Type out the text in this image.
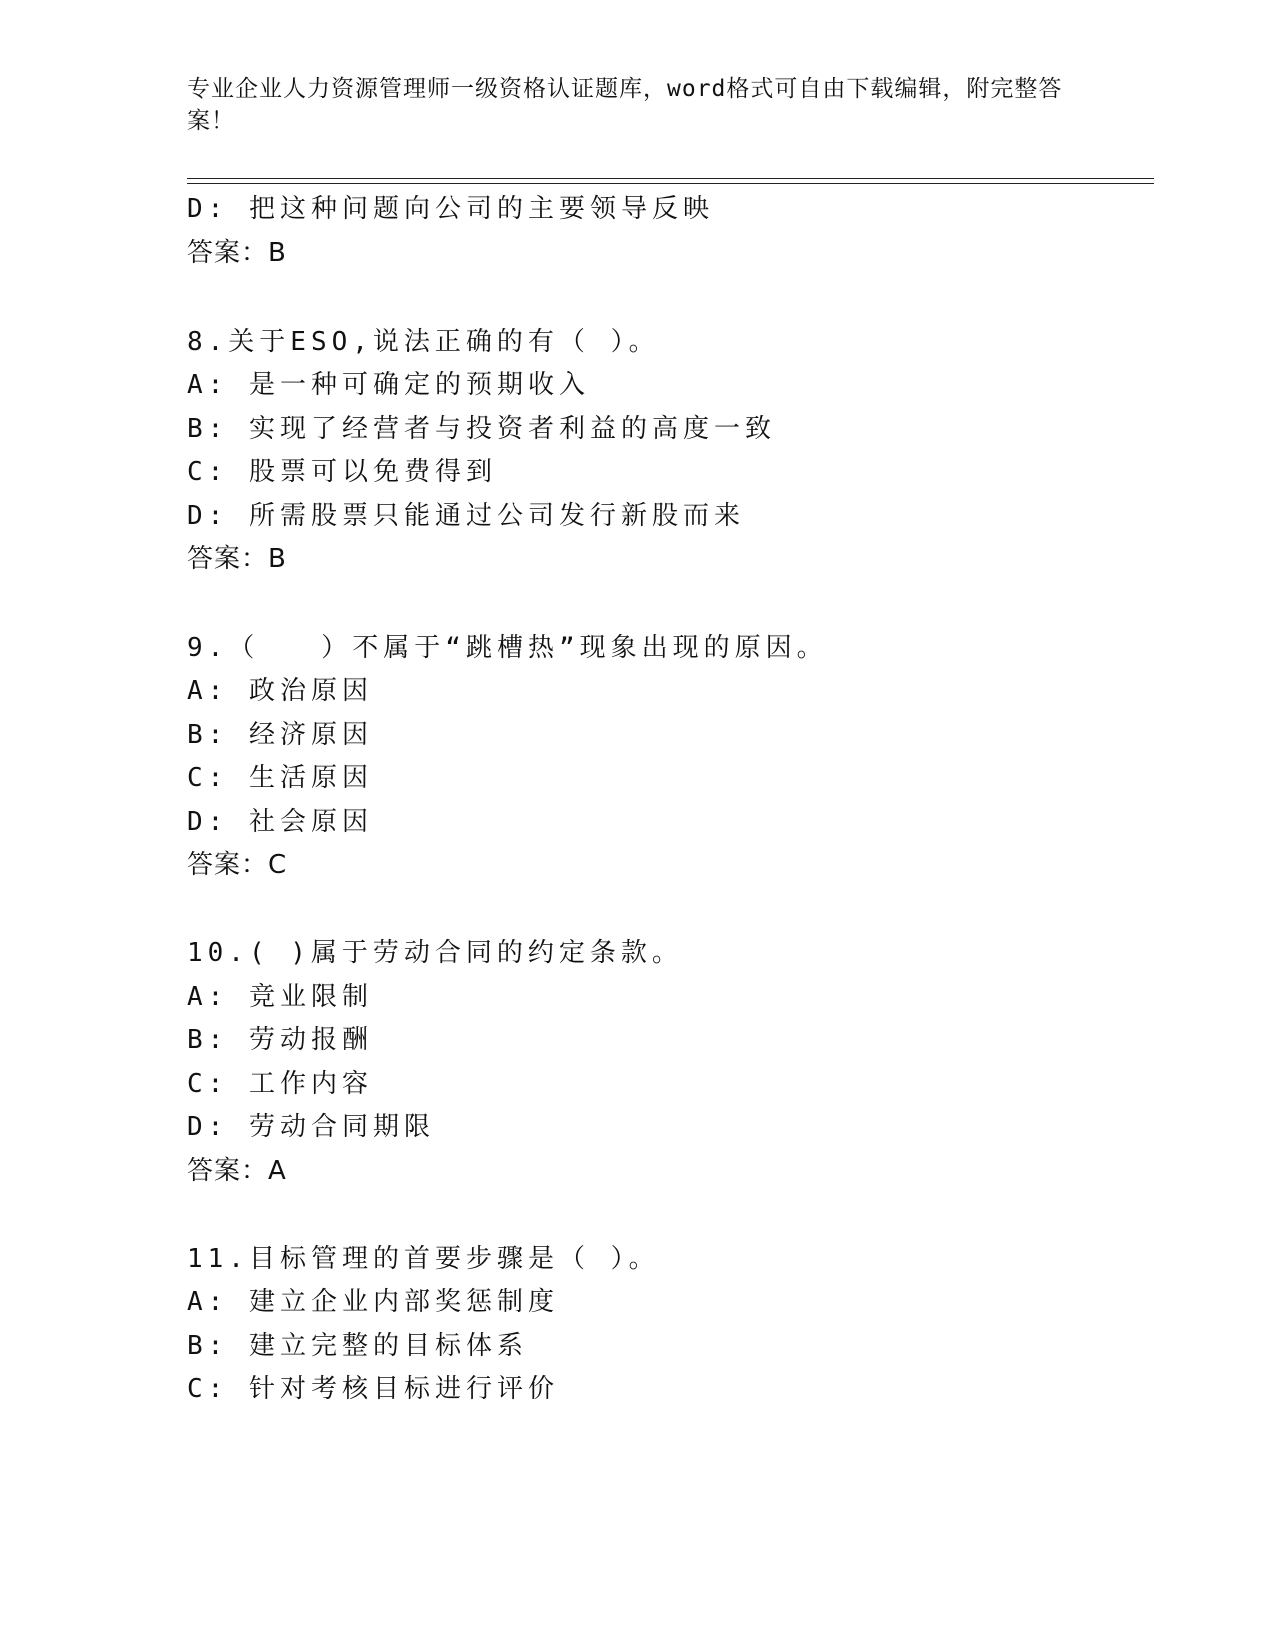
专业企业人力资源管理师一级资格认证题库，word格式可自由下载编辑，附完整答案！
D: 把这种问题向公司的主要领导反映
答案：B
8.关于ESO,说法正确的有（ ）。
A: 是一种可确定的预期收入
B: 实现了经营者与投资者利益的高度一致
C: 股票可以免费得到
D: 所需股票只能通过公司发行新股而来
答案：B
9.（　　）不属于“跳槽热”现象出现的原因。
A: 政治原因
B: 经济原因
C: 生活原因
D: 社会原因
答案：C
10.( )属于劳动合同的约定条款。
A: 竞业限制
B: 劳动报酬
C: 工作内容
D: 劳动合同期限
答案：A
11.目标管理的首要步骤是（ ）。
A: 建立企业内部奖惩制度
B: 建立完整的目标体系
C: 针对考核目标进行评价
